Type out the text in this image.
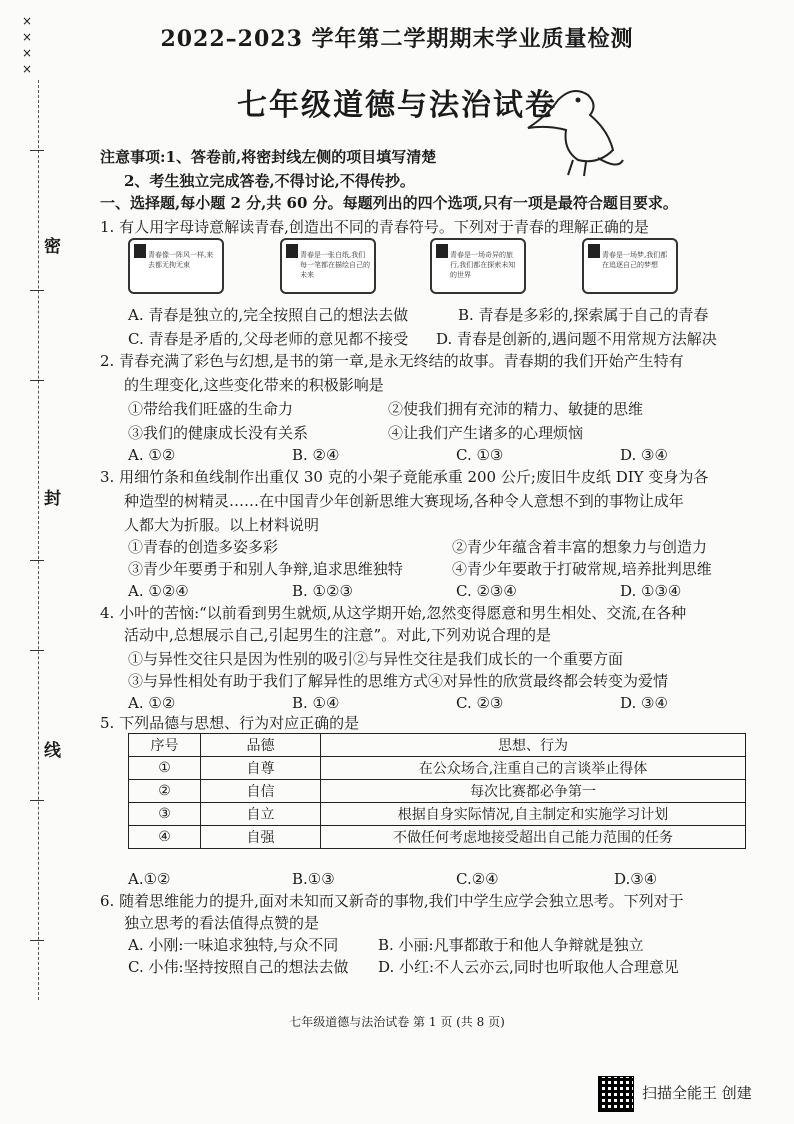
×
×
×
×
密
封
线
2022–2023 学年第二学期期末学业质量检测
七年级道德与法治试卷
注意事项:1、答卷前,将密封线左侧的项目填写清楚
2、考生独立完成答卷,不得讨论,不得传抄。
一、选择题,每小题 2 分,共 60 分。每题列出的四个选项,只有一项是最符合题目要求。
1. 有人用字母诗意解读青春,创造出不同的青春符号。下列对于青春的理解正确的是
青春像一阵风一样,来去都无拘无束
青春是一张白纸,我们每一笔都在描绘自己的未来
青春是一场奇异的旅行,我们都在探索未知的世界
青春是一场梦,我们都在追逐自己的梦想
A. 青春是独立的,完全按照自己的想法去做	B. 青春是多彩的,探索属于自己的青春
C. 青春是矛盾的,父母老师的意见都不接受 D. 青春是创新的,遇问题不用常规方法解决
2. 青春充满了彩色与幻想,是书的第一章,是永无终结的故事。青春期的我们开始产生特有
的生理变化,这些变化带来的积极影响是
①带给我们旺盛的生命力	②使我们拥有充沛的精力、敏捷的思维
③我们的健康成长没有关系	④让我们产生诸多的心理烦恼
A. ①②	B. ②④	C. ①③	D. ③④
3. 用细竹条和鱼线制作出重仅 30 克的小架子竟能承重 200 公斤;废旧牛皮纸 DIY 变身为各
种造型的树精灵……在中国青少年创新思维大赛现场,各种令人意想不到的事物让成年
人都大为折服。以上材料说明
①青春的创造多姿多彩	②青少年蕴含着丰富的想象力与创造力
③青少年要勇于和别人争辩,追求思维独特	④青少年要敢于打破常规,培养批判思维
A. ①②④	B. ①②③	C. ②③④	D. ①③④
4. 小叶的苦恼:“以前看到男生就烦,从这学期开始,忽然变得愿意和男生相处、交流,在各种
活动中,总想展示自己,引起男生的注意”。对此,下列劝说合理的是
①与异性交往只是因为性别的吸引②与异性交往是我们成长的一个重要方面
③与异性相处有助于我们了解异性的思维方式④对异性的欣赏最终都会转变为爱情
A. ①②	B. ①④	C. ②③	D. ③④
5. 下列品德与思想、行为对应正确的是
序号	品德	思想、行为
①	自尊	在公众场合,注重自己的言谈举止得体
②	自信	每次比赛都必争第一
③	自立	根据自身实际情况,自主制定和实施学习计划
④	自强	不做任何考虑地接受超出自己能力范围的任务
A.①②	B.①③	C.②④	D.③④
6. 随着思维能力的提升,面对未知而又新奇的事物,我们中学生应学会独立思考。下列对于
独立思考的看法值得点赞的是
A. 小刚:一味追求独特,与众不同	B. 小丽:凡事都敢于和他人争辩就是独立
C. 小伟:坚持按照自己的想法去做 D. 小红:不人云亦云,同时也听取他人合理意见
七年级道德与法治试卷 第 1 页 (共 8 页)
扫描全能王 创建
